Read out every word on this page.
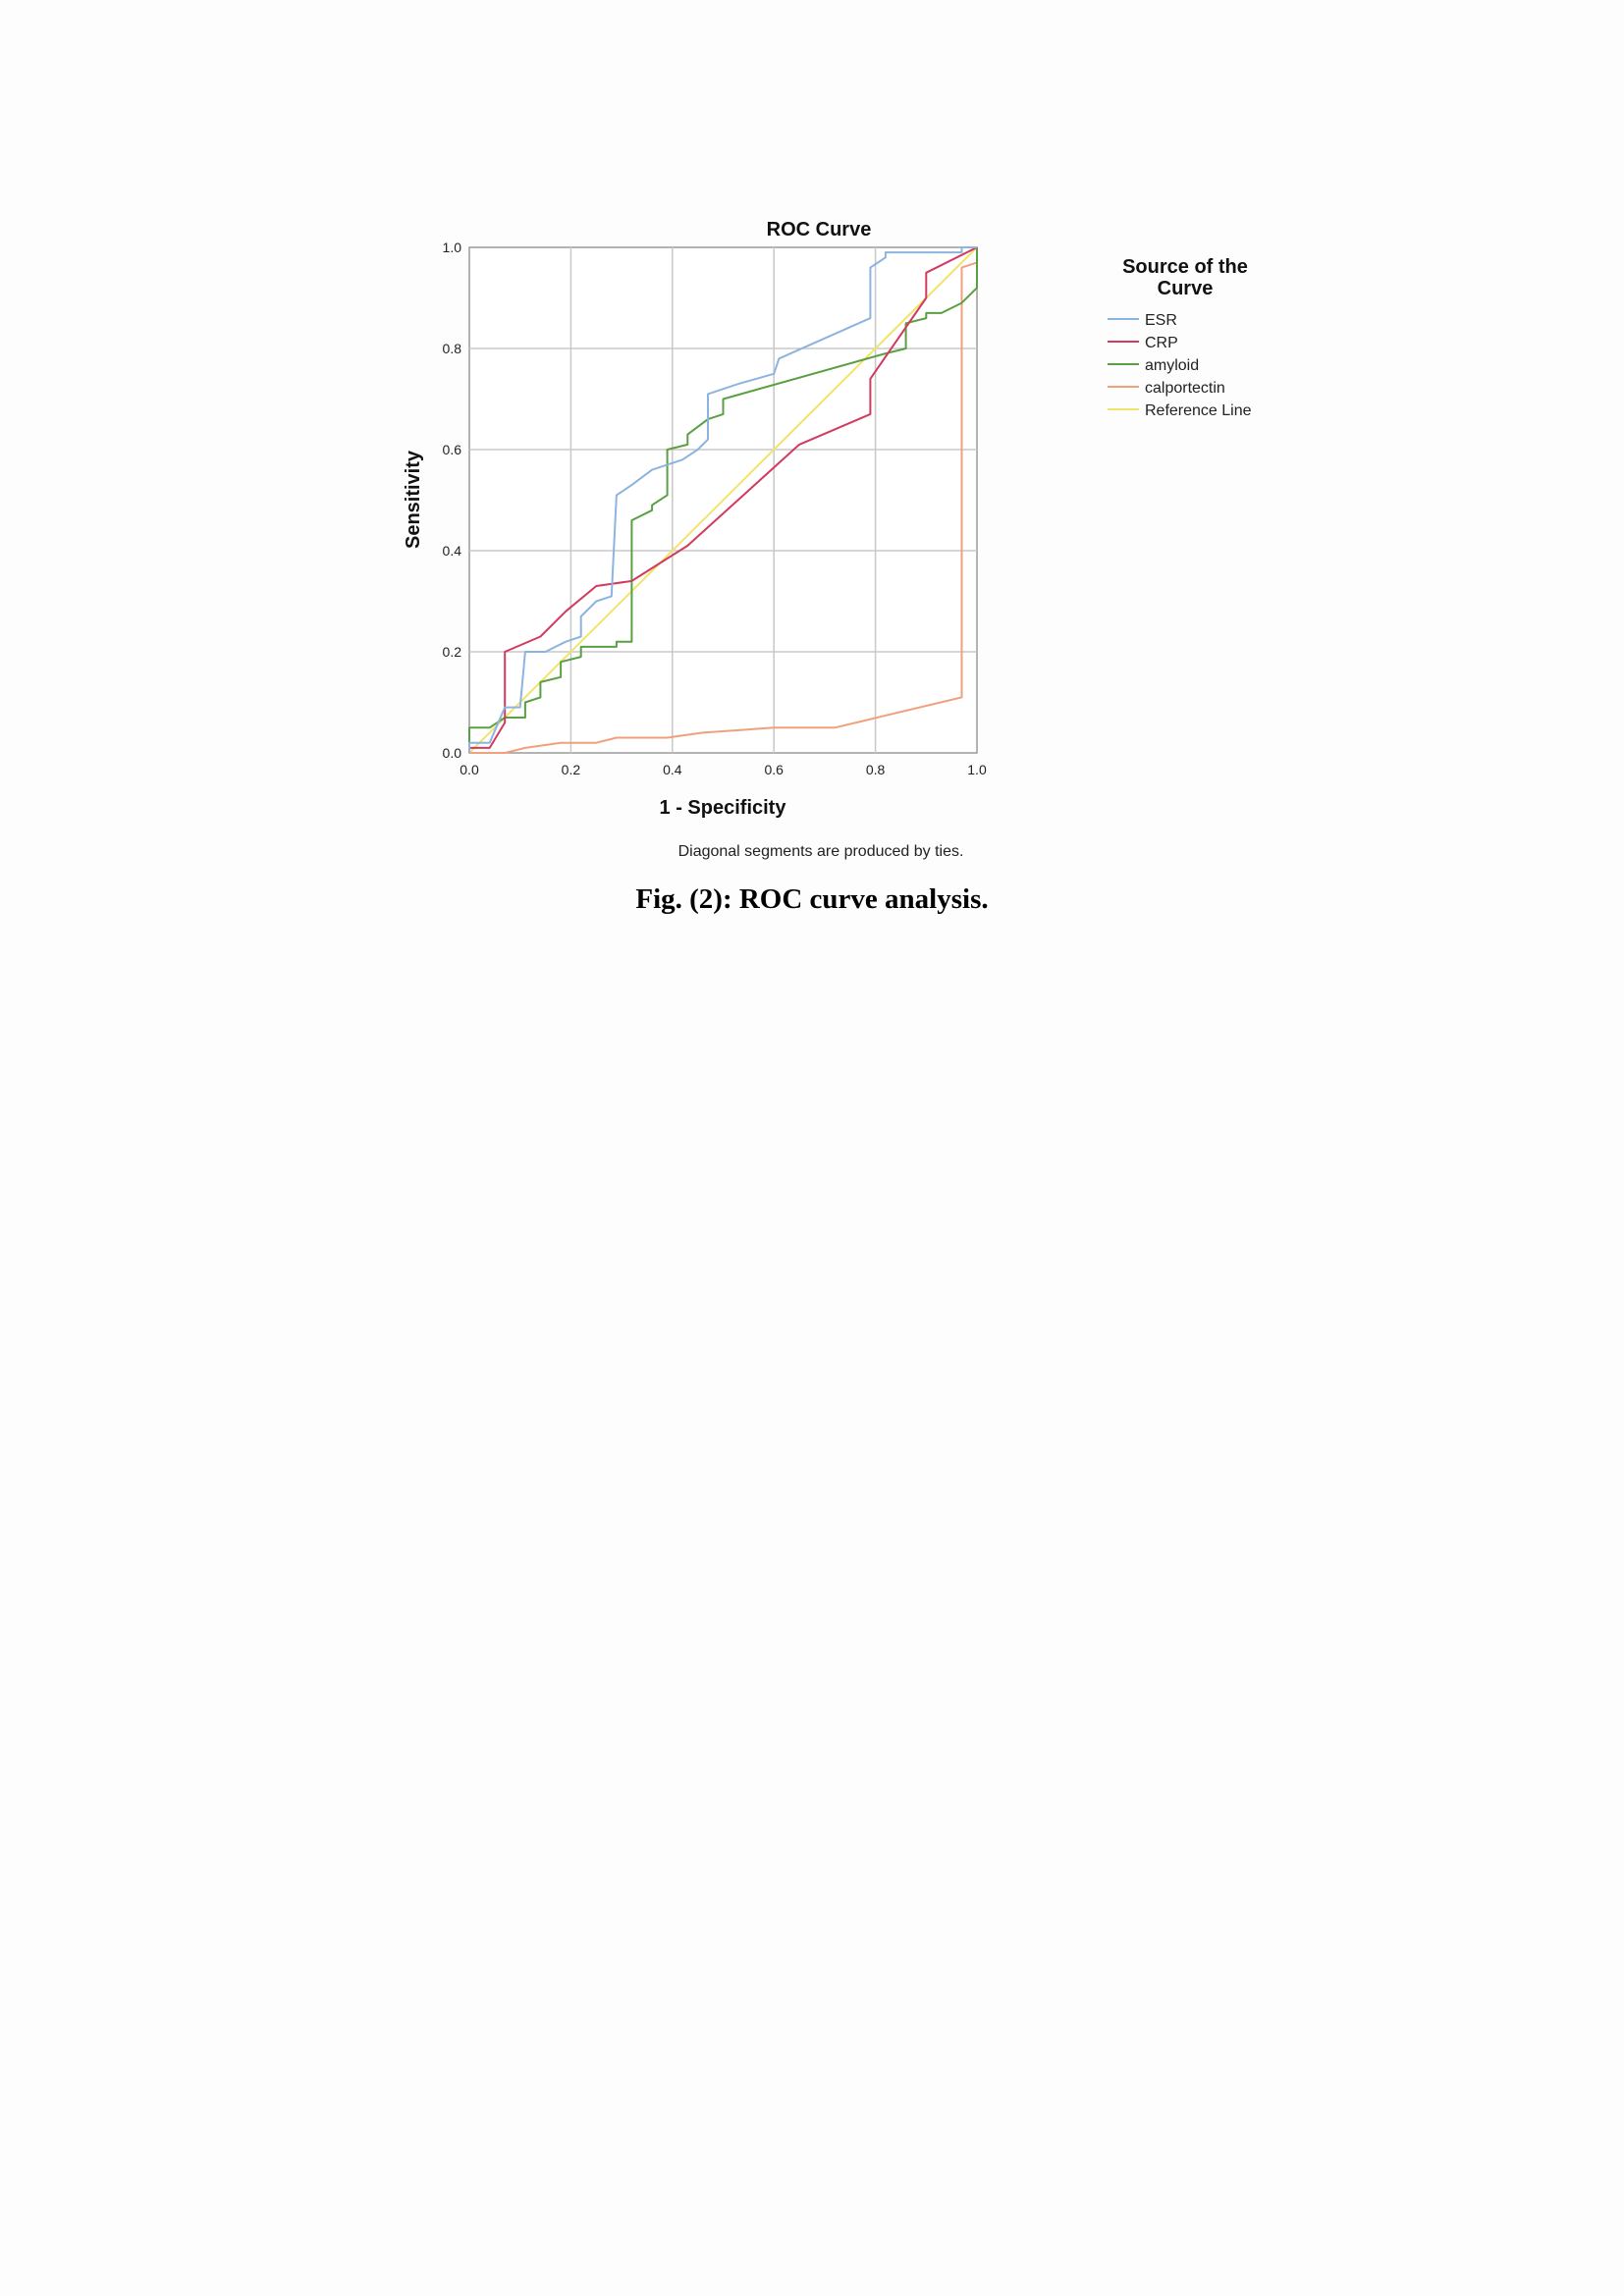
ROC Curve
0.0	0.2	0.4	0.6	0.8	1.0
0.0
0.2
0.4
0.6
0.8
1.0
1 - Specificity
Sensitivity
Source of the
Curve
ESR
CRP
amyloid
calportectin
Reference Line
Diagonal segments are produced by ties.
Fig. (2): ROC curve analysis.
